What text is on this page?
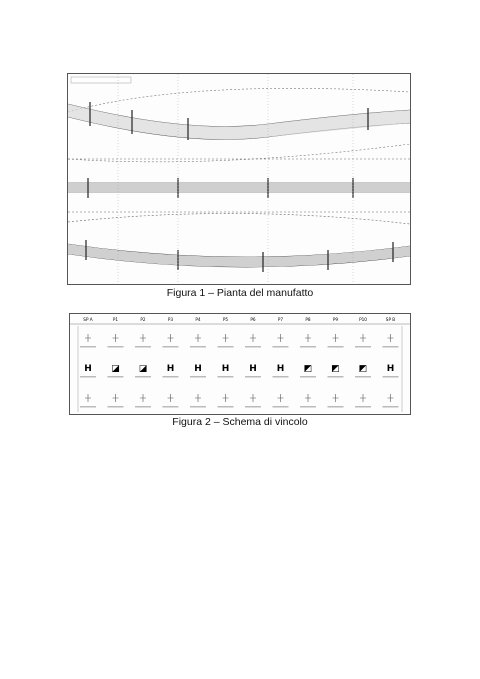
Figura 1 – Pianta del manufatto
SP A
H
P1
◪
P2
◪
P3
H
P4
H
P5
H
P6
H
P7
H
P8
◩
P9
◩
P10
◩
SP B
H
Figura 2 – Schema di vincolo
